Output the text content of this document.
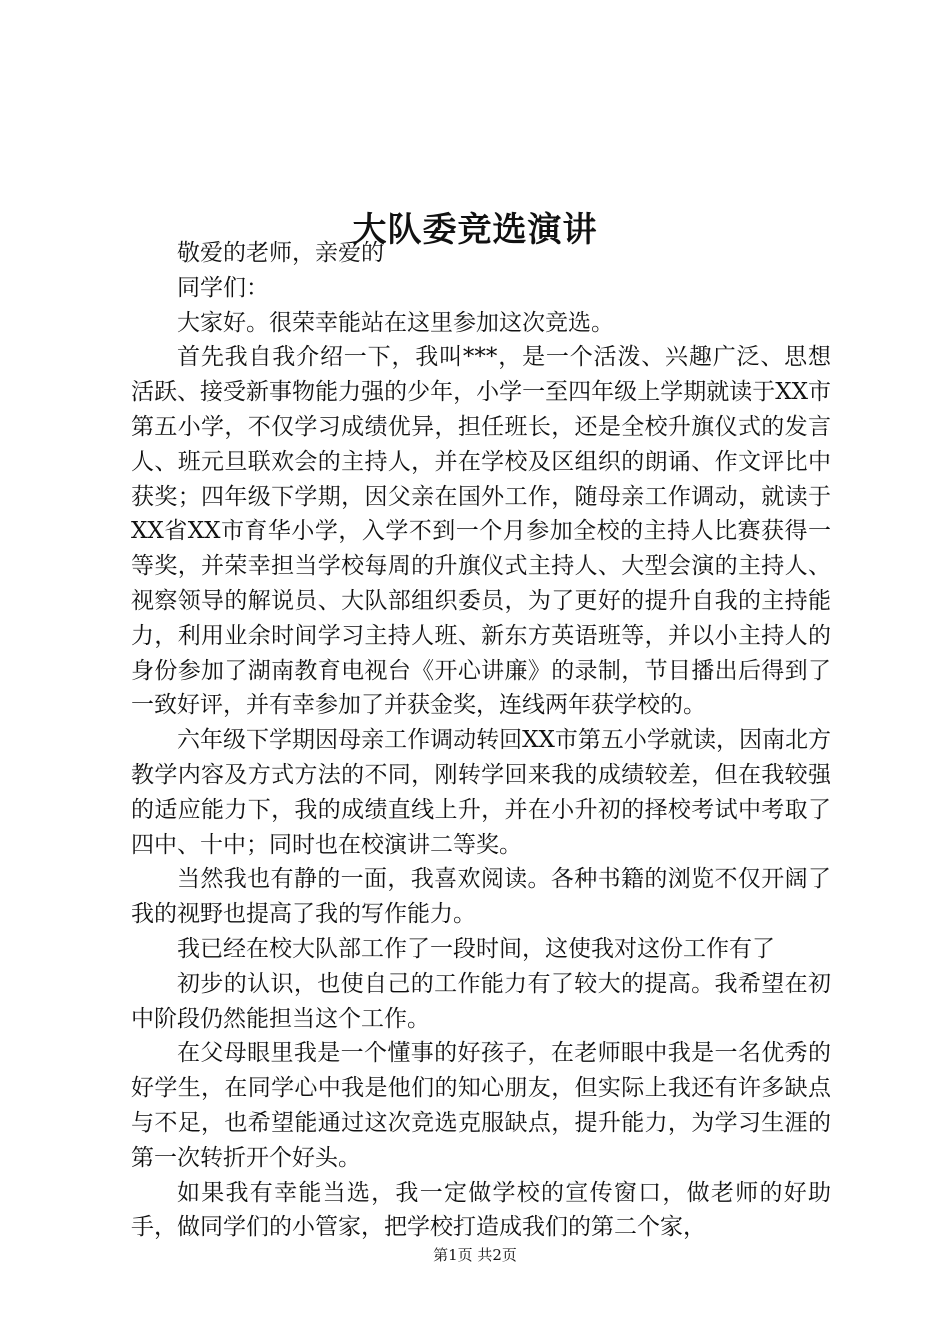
大队委竞选演讲

敬爱的老师，亲爱的

同学们：

大家好。很荣幸能站在这里参加这次竞选。

首先我自我介绍一下，我叫***，是一个活泼、兴趣广泛、思想活跃、接受新事物能力强的少年，小学一至四年级上学期就读于XX市第五小学，不仅学习成绩优异，担任班长，还是全校升旗仪式的发言人、班元旦联欢会的主持人，并在学校及区组织的朗诵、作文评比中获奖；四年级下学期，因父亲在国外工作，随母亲工作调动，就读于XX省XX市育华小学，入学不到一个月参加全校的主持人比赛获得一等奖，并荣幸担当学校每周的升旗仪式主持人、大型会演的主持人、视察领导的解说员、大队部组织委员，为了更好的提升自我的主持能力，利用业余时间学习主持人班、新东方英语班等，并以小主持人的身份参加了湖南教育电视台《开心讲廉》的录制，节目播出后得到了一致好评，并有幸参加了并获金奖，连线两年获学校的。

六年级下学期因母亲工作调动转回XX市第五小学就读，因南北方教学内容及方式方法的不同，刚转学回来我的成绩较差，但在我较强的适应能力下，我的成绩直线上升，并在小升初的择校考试中考取了四中、十中；同时也在校演讲二等奖。

当然我也有静的一面，我喜欢阅读。各种书籍的浏览不仅开阔了我的视野也提高了我的写作能力。

我已经在校大队部工作了一段时间，这使我对这份工作有了

初步的认识，也使自己的工作能力有了较大的提高。我希望在初中阶段仍然能担当这个工作。

在父母眼里我是一个懂事的好孩子，在老师眼中我是一名优秀的好学生，在同学心中我是他们的知心朋友，但实际上我还有许多缺点与不足，也希望能通过这次竞选克服缺点，提升能力，为学习生涯的第一次转折开个好头。

如果我有幸能当选，我一定做学校的宣传窗口，做老师的好助手，做同学们的小管家，把学校打造成我们的第二个家，

第1页 共2页
